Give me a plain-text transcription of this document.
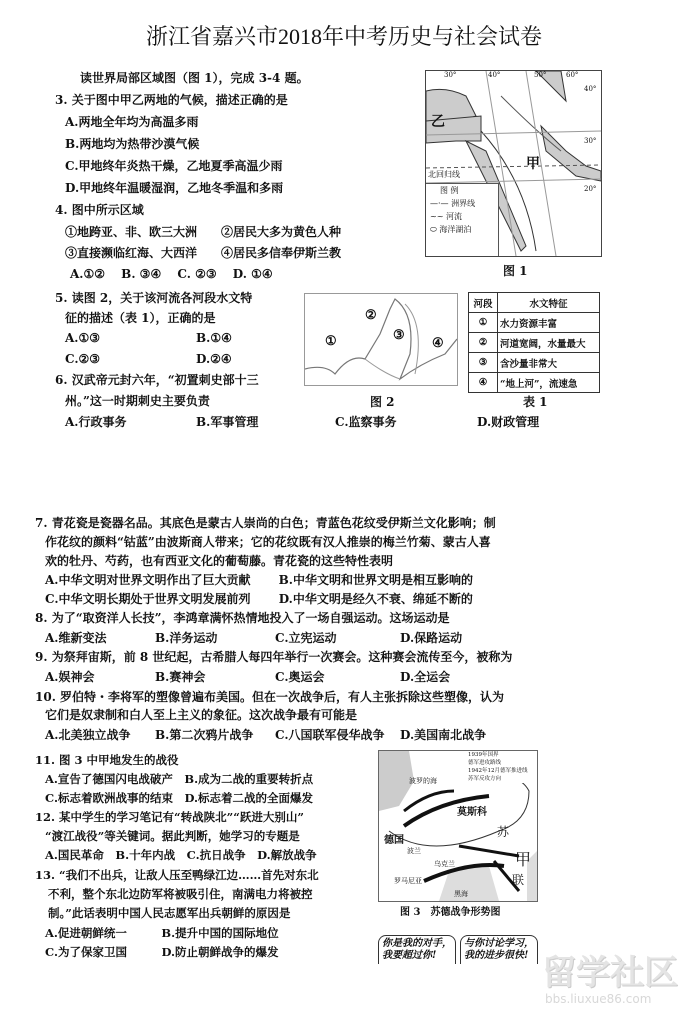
浙江省嘉兴市2018年中考历史与社会试卷
读世界局部区域图（图 1），完成 3-4 题。
3. 关于图中甲乙两地的气候，描述正确的是
A.两地全年均为高温多雨
B.两地均为热带沙漠气候
C.甲地终年炎热干燥，乙地夏季高温少雨
D.甲地终年温暖湿润，乙地冬季温和多雨
4. 图中所示区域
①地跨亚、非、欧三大洲　　②居民大多为黄色人种
③直接濒临红海、大西洋　　④居民多信奉伊斯兰教
A.①②　 B. ③④　 C. ②③　 D. ①④
乙
甲
北回归线
30°	40°	50°	60°
40°
30°
20°
图 例
—·— 洲界线
~~ 河流
⬭ 海洋湖泊
图 1
5. 读图 2，关于该河流各河段水文特
征的描述（表 1），正确的是
A.①③	B.①④
C.②③	D.②④
6. 汉武帝元封六年，“初置刺史部十三
州。”这一时期刺史主要负责
A.行政事务	B.军事管理	C.监察事务	D.财政管理
①
②
③
④
图 2
河段	水文特征
①	水力资源丰富
②	河道宽阔，水量最大
③	含沙量非常大
④	“地上河”，流速急
表 1
7. 青花瓷是瓷器名品。其底色是蒙古人崇尚的白色；青蓝色花纹受伊斯兰文化影响；制
作花纹的颜料“钴蓝”由波斯商人带来；它的花纹既有汉人推崇的梅兰竹菊、蒙古人喜
欢的牡丹、芍药，也有西亚文化的葡萄藤。青花瓷的这些特性表明
A.中华文明对世界文明作出了巨大贡献　　 B.中华文明和世界文明是相互影响的
C.中华文明长期处于世界文明发展前列　　 D.中华文明是经久不衰、绵延不断的
8. 为了“取资洋人长技”，李鸿章满怀热情地投入了一场自强运动。这场运动是
A.维新变法	B.洋务运动	C.立宪运动	D.保路运动
9. 为祭拜宙斯，前 8 世纪起，古希腊人每四年举行一次赛会。这种赛会流传至今，被称为
A.娱神会	B.赛神会	C.奥运会	D.全运会
10. 罗伯特・李将军的塑像曾遍布美国。但在一次战争后，有人主张拆除这些塑像，认为
它们是奴隶制和白人至上主义的象征。这次战争最有可能是
A.北美独立战争 B.第二次鸦片战争 C.八国联军侵华战争 D.美国南北战争
11. 图 3 中甲地发生的战役
A.宣告了德国闪电战破产　B.成为二战的重要转折点
C.标志着欧洲战事的结束　D.标志着二战的全面爆发
12. 某中学生的学习笔记有“转战陕北”“跃进大别山”
“渡江战役”等关键词。据此判断，她学习的专题是
A.国民革命　B.十年内战　C.抗日战争　D.解放战争
13. “我们不出兵，让敌人压至鸭绿江边……首先对东北
不利，整个东北边防军将被吸引住，南满电力将被控
制。”此话表明中国人民志愿军出兵朝鲜的原因是
A.促进朝鲜统一　　　B.提升中国的国际地位
C.为了保家卫国　　　D.防止朝鲜战争的爆发
波罗的海
莫斯科
德国
波兰
乌克兰
罗马尼亚
黑海
苏
联
甲
1939年国界
德军进攻路线
1942年12月德军推进线
苏军反攻方向
图 3　苏德战争形势图
你是我的对手，
我要超过你!
与你讨论学习，
我的进步很快! 留学社区
bbs.liuxue86.com
